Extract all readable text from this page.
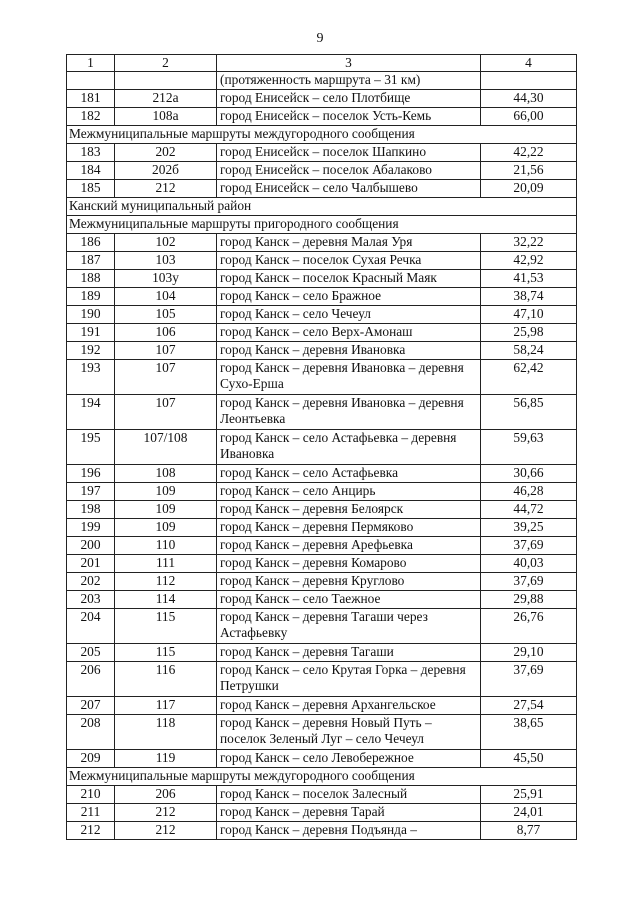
9
1	2	3	4
		(протяженность маршрута – 31 км)	
181	212а	город Енисейск – село Плотбище	44,30
182	108а	город Енисейск – поселок Усть-Кемь	66,00
Межмуниципальные маршруты междугородного сообщения			
183	202	город Енисейск – поселок Шапкино	42,22
184	202б	город Енисейск – поселок Абалаково	21,56
185	212	город Енисейск – село Чалбышево	20,09
Канский муниципальный район			
Межмуниципальные маршруты пригородного сообщения			
186	102	город Канск – деревня Малая Уря	32,22
187	103	город Канск – поселок Сухая Речка	42,92
188	103у	город Канск – поселок Красный Маяк	41,53
189	104	город Канск – село Бражное	38,74
190	105	город Канск – село Чечеул	47,10
191	106	город Канск – село Верх-Амонаш	25,98
192	107	город Канск – деревня Ивановка	58,24
193	107	город Канск – деревня Ивановка – деревня Сухо-Ерша	62,42
194	107	город Канск – деревня Ивановка – деревня Леонтьевка	56,85
195	107/108	город Канск – село Астафьевка – деревня Ивановка	59,63
196	108	город Канск – село Астафьевка	30,66
197	109	город Канск – село Анцирь	46,28
198	109	город Канск – деревня Белоярск	44,72
199	109	город Канск – деревня Пермяково	39,25
200	110	город Канск – деревня Арефьевка	37,69
201	111	город Канск – деревня Комарово	40,03
202	112	город Канск – деревня Круглово	37,69
203	114	город Канск – село Таежное	29,88
204	115	город Канск – деревня Тагаши через Астафьевку	26,76
205	115	город Канск – деревня Тагаши	29,10
206	116	город Канск – село Крутая Горка – деревня Петрушки	37,69
207	117	город Канск – деревня Архангельское	27,54
208	118	город Канск – деревня Новый Путь – поселок Зеленый Луг – село Чечеул	38,65
209	119	город Канск – село Левобережное	45,50
Межмуниципальные маршруты междугородного сообщения			
210	206	город Канск – поселок Залесный	25,91
211	212	город Канск – деревня Тарай	24,01
212	212	город Канск – деревня Подъянда –	8,77
